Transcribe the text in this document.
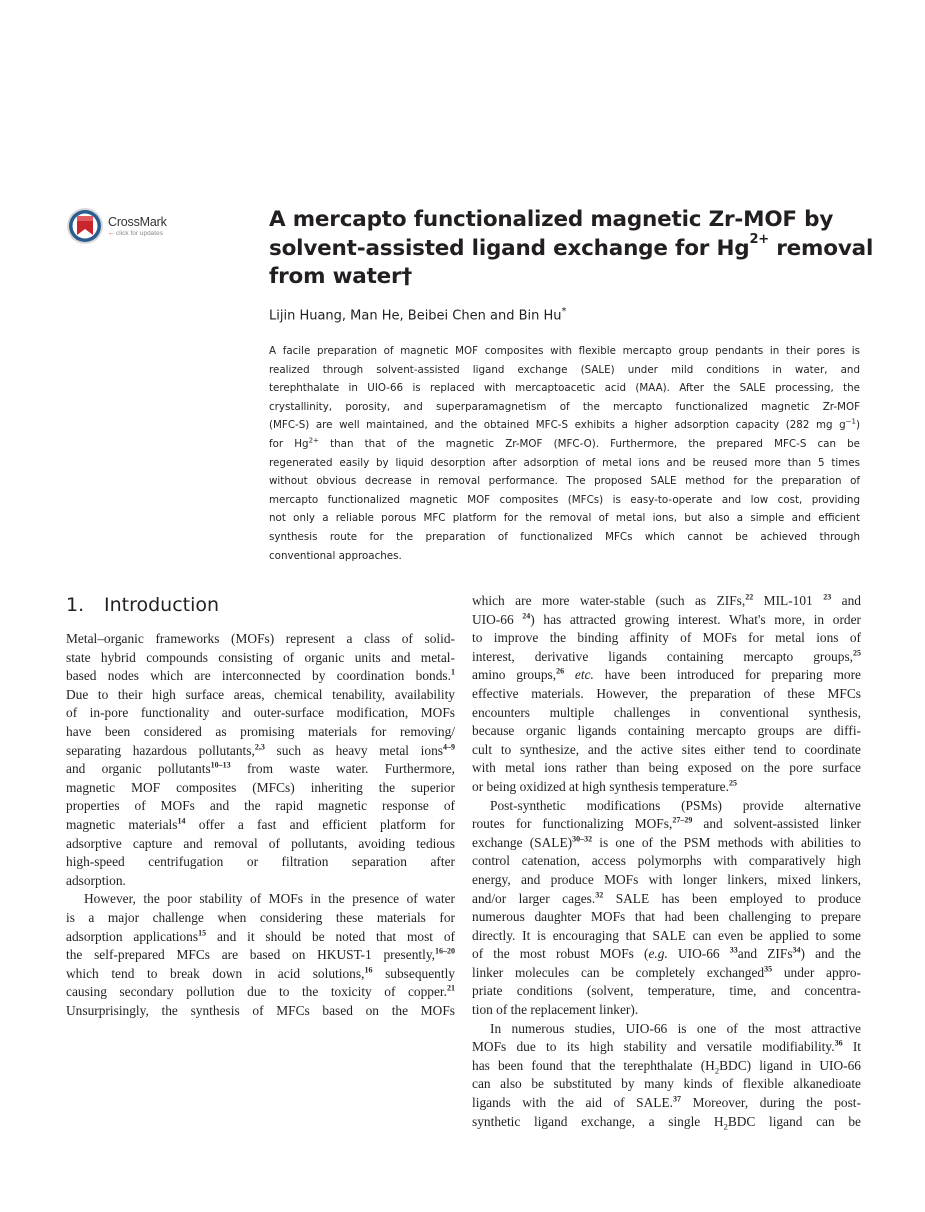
CrossMark
←click for updates
A mercapto functionalized magnetic Zr-MOF by
solvent-assisted ligand exchange for $Hg^{2+}$ removal
from water†
Lijin Huang, Man He, Beibei Chen and Bin Hu*
A facile preparation of magnetic MOF composites with flexible mercapto group pendants in their pores is
realized through solvent-assisted ligand exchange (SALE) under mild conditions in water, and
terephthalate in UIO-66 is replaced with mercaptoacetic acid (MAA). After the SALE processing, the
crystallinity, porosity, and superparamagnetism of the mercapto functionalized magnetic Zr-MOF
(MFC-S) are well maintained, and the obtained MFC-S exhibits a higher adsorption capacity (282 mg $g^{-1}$)
for $Hg^{2+}$ than that of the magnetic Zr-MOF (MFC-O). Furthermore, the prepared MFC-S can be
regenerated easily by liquid desorption after adsorption of metal ions and be reused more than 5 times
without obvious decrease in removal performance. The proposed SALE method for the preparation of
mercapto functionalized magnetic MOF composites (MFCs) is easy-to-operate and low cost, providing
not only a reliable porous MFC platform for the removal of metal ions, but also a simple and efficient
synthesis route for the preparation of functionalized MFCs which cannot be achieved through
conventional approaches.
1. Introduction
Metal–organic frameworks (MOFs) represent a class of solid-
state hybrid compounds consisting of organic units and metal-
based nodes which are interconnected by coordination bonds.$^1$
Due to their high surface areas, chemical tenability, availability
of in-pore functionality and outer-surface modification, MOFs
have been considered as promising materials for removing/
separating hazardous pollutants,$^{2,3}$ such as heavy metal ions$^{4-9}$
and organic pollutants$^{10-13}$ from waste water. Furthermore,
magnetic MOF composites (MFCs) inheriting the superior
properties of MOFs and the rapid magnetic response of
magnetic materials$^{14}$ offer a fast and efficient platform for
adsorptive capture and removal of pollutants, avoiding tedious
high-speed centrifugation or filtration separation after
adsorption.
However, the poor stability of MOFs in the presence of water
is a major challenge when considering these materials for
adsorption applications$^{15}$ and it should be noted that most of
the self-prepared MFCs are based on HKUST-1 presently,$^{16-20}$
which tend to break down in acid solutions,$^{16}$ subsequently
causing secondary pollution due to the toxicity of copper.$^{21}$
Unsurprisingly, the synthesis of MFCs based on the MOFs
which are more water-stable (such as ZIFs,$^{22}$ MIL-101 $^{23}$ and
UIO-66 $^{24}$) has attracted growing interest. What's more, in order
to improve the binding affinity of MOFs for metal ions of
interest, derivative ligands containing mercapto groups,$^{25}$
amino groups,$^{26}$ etc. have been introduced for preparing more
effective materials. However, the preparation of these MFCs
encounters multiple challenges in conventional synthesis,
because organic ligands containing mercapto groups are diffi-
cult to synthesize, and the active sites either tend to coordinate
with metal ions rather than being exposed on the pore surface
or being oxidized at high synthesis temperature.$^{25}$
Post-synthetic modifications (PSMs) provide alternative
routes for functionalizing MOFs,$^{27-29}$ and solvent-assisted linker
exchange (SALE)$^{30-32}$ is one of the PSM methods with abilities to
control catenation, access polymorphs with comparatively high
energy, and produce MOFs with longer linkers, mixed linkers,
and/or larger cages.$^{32}$ SALE has been employed to produce
numerous daughter MOFs that had been challenging to prepare
directly. It is encouraging that SALE can even be applied to some
of the most robust MOFs (e.g. UIO-66 $^{33}$and ZIFs$^{34}$) and the
linker molecules can be completely exchanged$^{35}$ under appro-
priate conditions (solvent, temperature, time, and concentra-
tion of the replacement linker).
In numerous studies, UIO-66 is one of the most attractive
MOFs due to its high stability and versatile modifiability.$^{36}$ It
has been found that the terephthalate $(H_2BDC)$ ligand in UIO-66
can also be substituted by many kinds of flexible alkanedioate
ligands with the aid of SALE.$^{37}$ Moreover, during the post-
synthetic ligand exchange, a single $H_2BDC$ ligand can be
